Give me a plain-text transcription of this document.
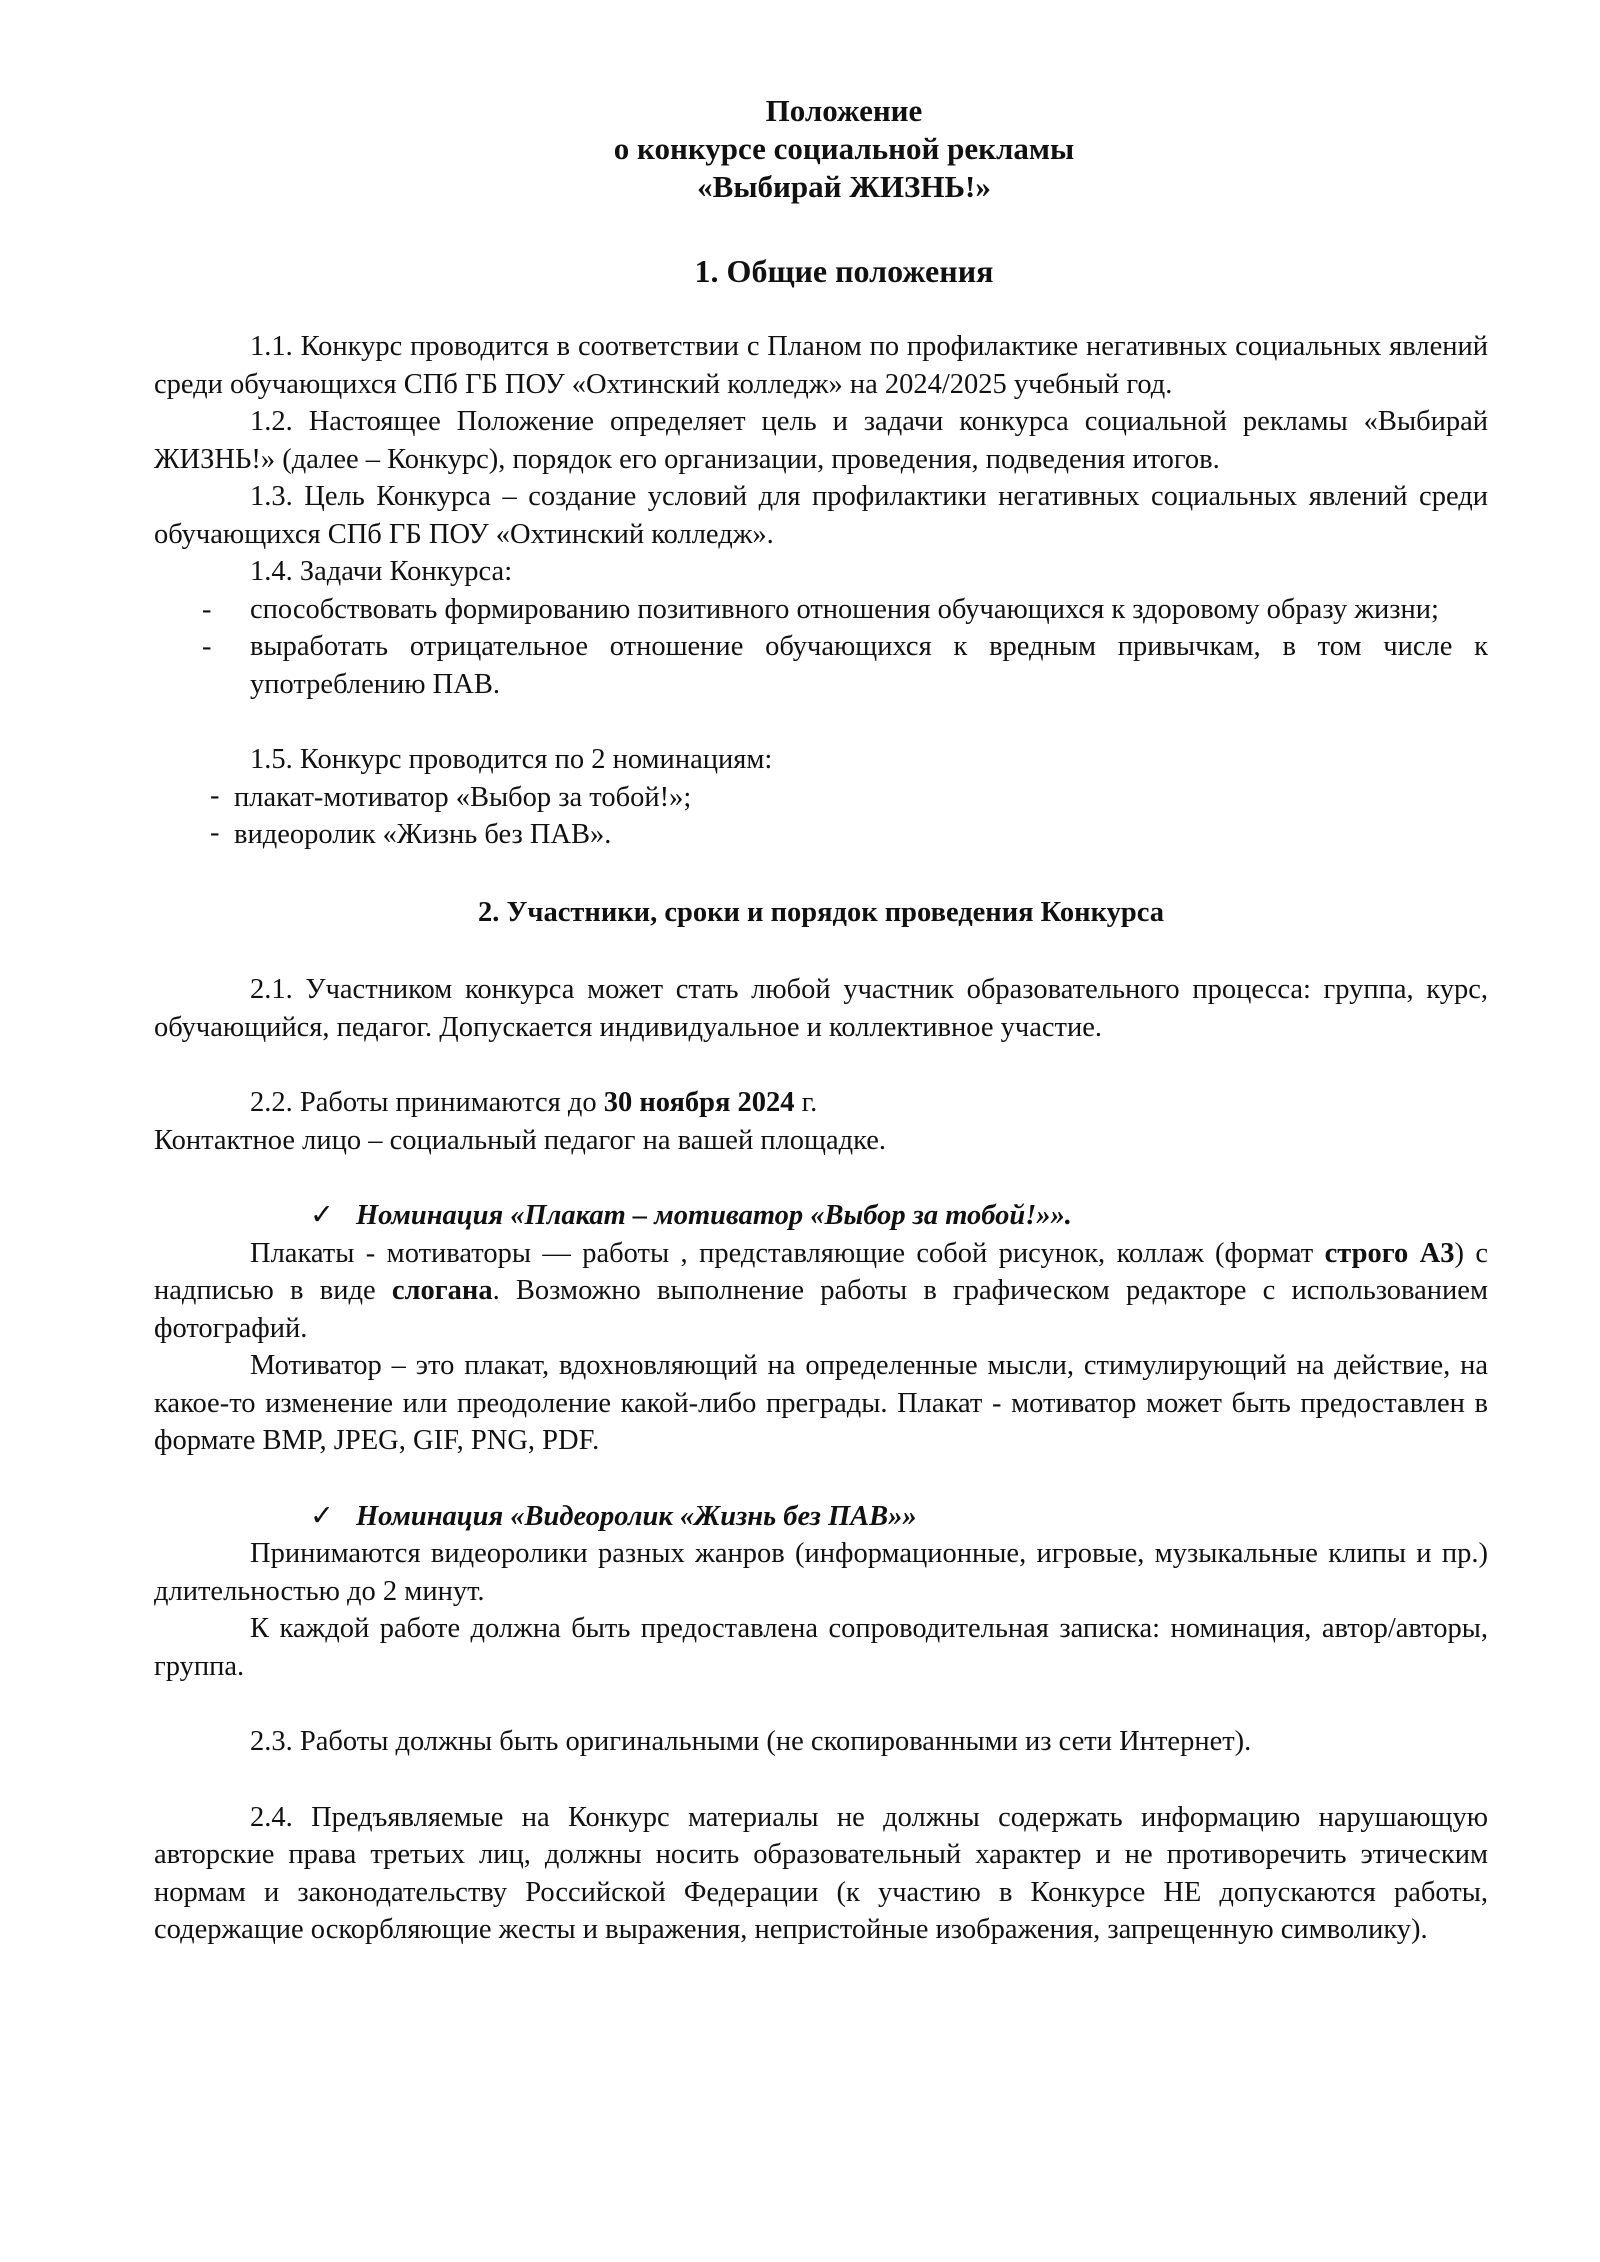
Положение
о конкурсе социальной рекламы
«Выбирай ЖИЗНЬ!»
1. Общие положения

1.1. Конкурс проводится в соответствии с Планом по профилактике негативных социальных явлений среди обучающихся СПб ГБ ПОУ «Охтинский колледж» на 2024/2025 учебный год.

1.2. Настоящее Положение определяет цель и задачи конкурса социальной рекламы «Выбирай ЖИЗНЬ!» (далее – Конкурс), порядок его организации, проведения, подведения итогов.

1.3. Цель Конкурса – создание условий для профилактики негативных социальных явлений среди обучающихся СПб ГБ ПОУ «Охтинский колледж».

1.4. Задачи Конкурса:

- способствовать формированию позитивного отношения обучающихся к здоровому образу жизни;
- выработать отрицательное отношение обучающихся к вредным привычкам, в том числе к употреблению ПАВ.

1.5. Конкурс проводится по 2 номинациям:

- плакат-мотиватор «Выбор за тобой!»;
- видеоролик «Жизнь без ПАВ».
2. Участники, сроки и порядок проведения Конкурса

2.1. Участником конкурса может стать любой участник образовательного процесса: группа, курс, обучающийся, педагог. Допускается индивидуальное и коллективное участие.

2.2. Работы принимаются до 30 ноября 2024 г.

Контактное лицо – социальный педагог на вашей площадке.

✓ Номинация «Плакат – мотиватор «Выбор за тобой!»».

Плакаты - мотиваторы — работы , представляющие собой рисунок, коллаж (формат строго А3) с надписью в виде слогана. Возможно выполнение работы в графическом редакторе с использованием фотографий.

Мотиватор – это плакат, вдохновляющий на определенные мысли, стимулирующий на действие, на какое-то изменение или преодоление какой-либо преграды. Плакат - мотиватор может быть предоставлен в формате BMP, JPEG, GIF, PNG, PDF.

✓ Номинация «Видеоролик «Жизнь без ПАВ»»

Принимаются видеоролики разных жанров (информационные, игровые, музыкальные клипы и пр.) длительностью до 2 минут.

К каждой работе должна быть предоставлена сопроводительная записка: номинация, автор/авторы, группа.

2.3. Работы должны быть оригинальными (не скопированными из сети Интернет).

2.4. Предъявляемые на Конкурс материалы не должны содержать информацию нарушающую авторские права третьих лиц, должны носить образовательный характер и не противоречить этическим нормам и законодательству Российской Федерации (к участию в Конкурсе НЕ допускаются работы, содержащие оскорбляющие жесты и выражения, непристойные изображения, запрещенную символику).
